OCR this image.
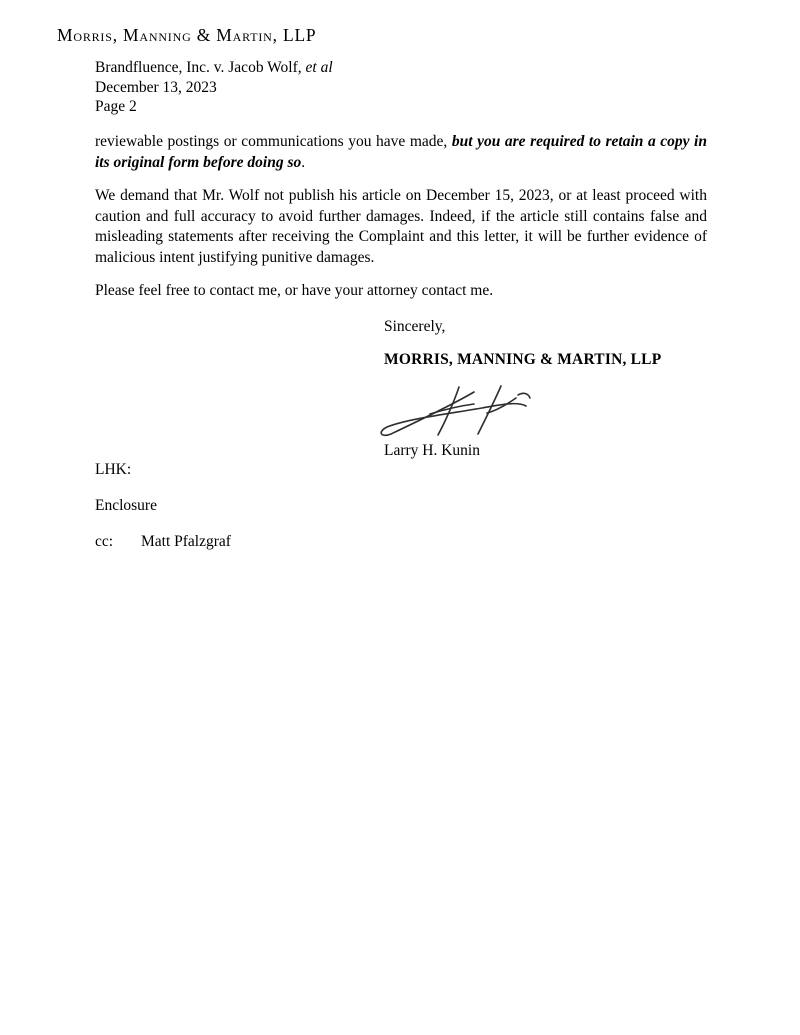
Morris, Manning & Martin, LLP
Brandfluence, Inc. v. Jacob Wolf, et al
December 13, 2023
Page 2

reviewable postings or communications you have made, but you are required to retain a copy in its original form before doing so.

We demand that Mr. Wolf not publish his article on December 15, 2023, or at least proceed with caution and full accuracy to avoid further damages. Indeed, if the article still contains false and misleading statements after receiving the Complaint and this letter, it will be further evidence of malicious intent justifying punitive damages.

Please feel free to contact me, or have your attorney contact me.

Sincerely,
MORRIS, MANNING & MARTIN, LLP
Larry H. Kunin
LHK:
Enclosure
cc: Matt Pfalzgraf
